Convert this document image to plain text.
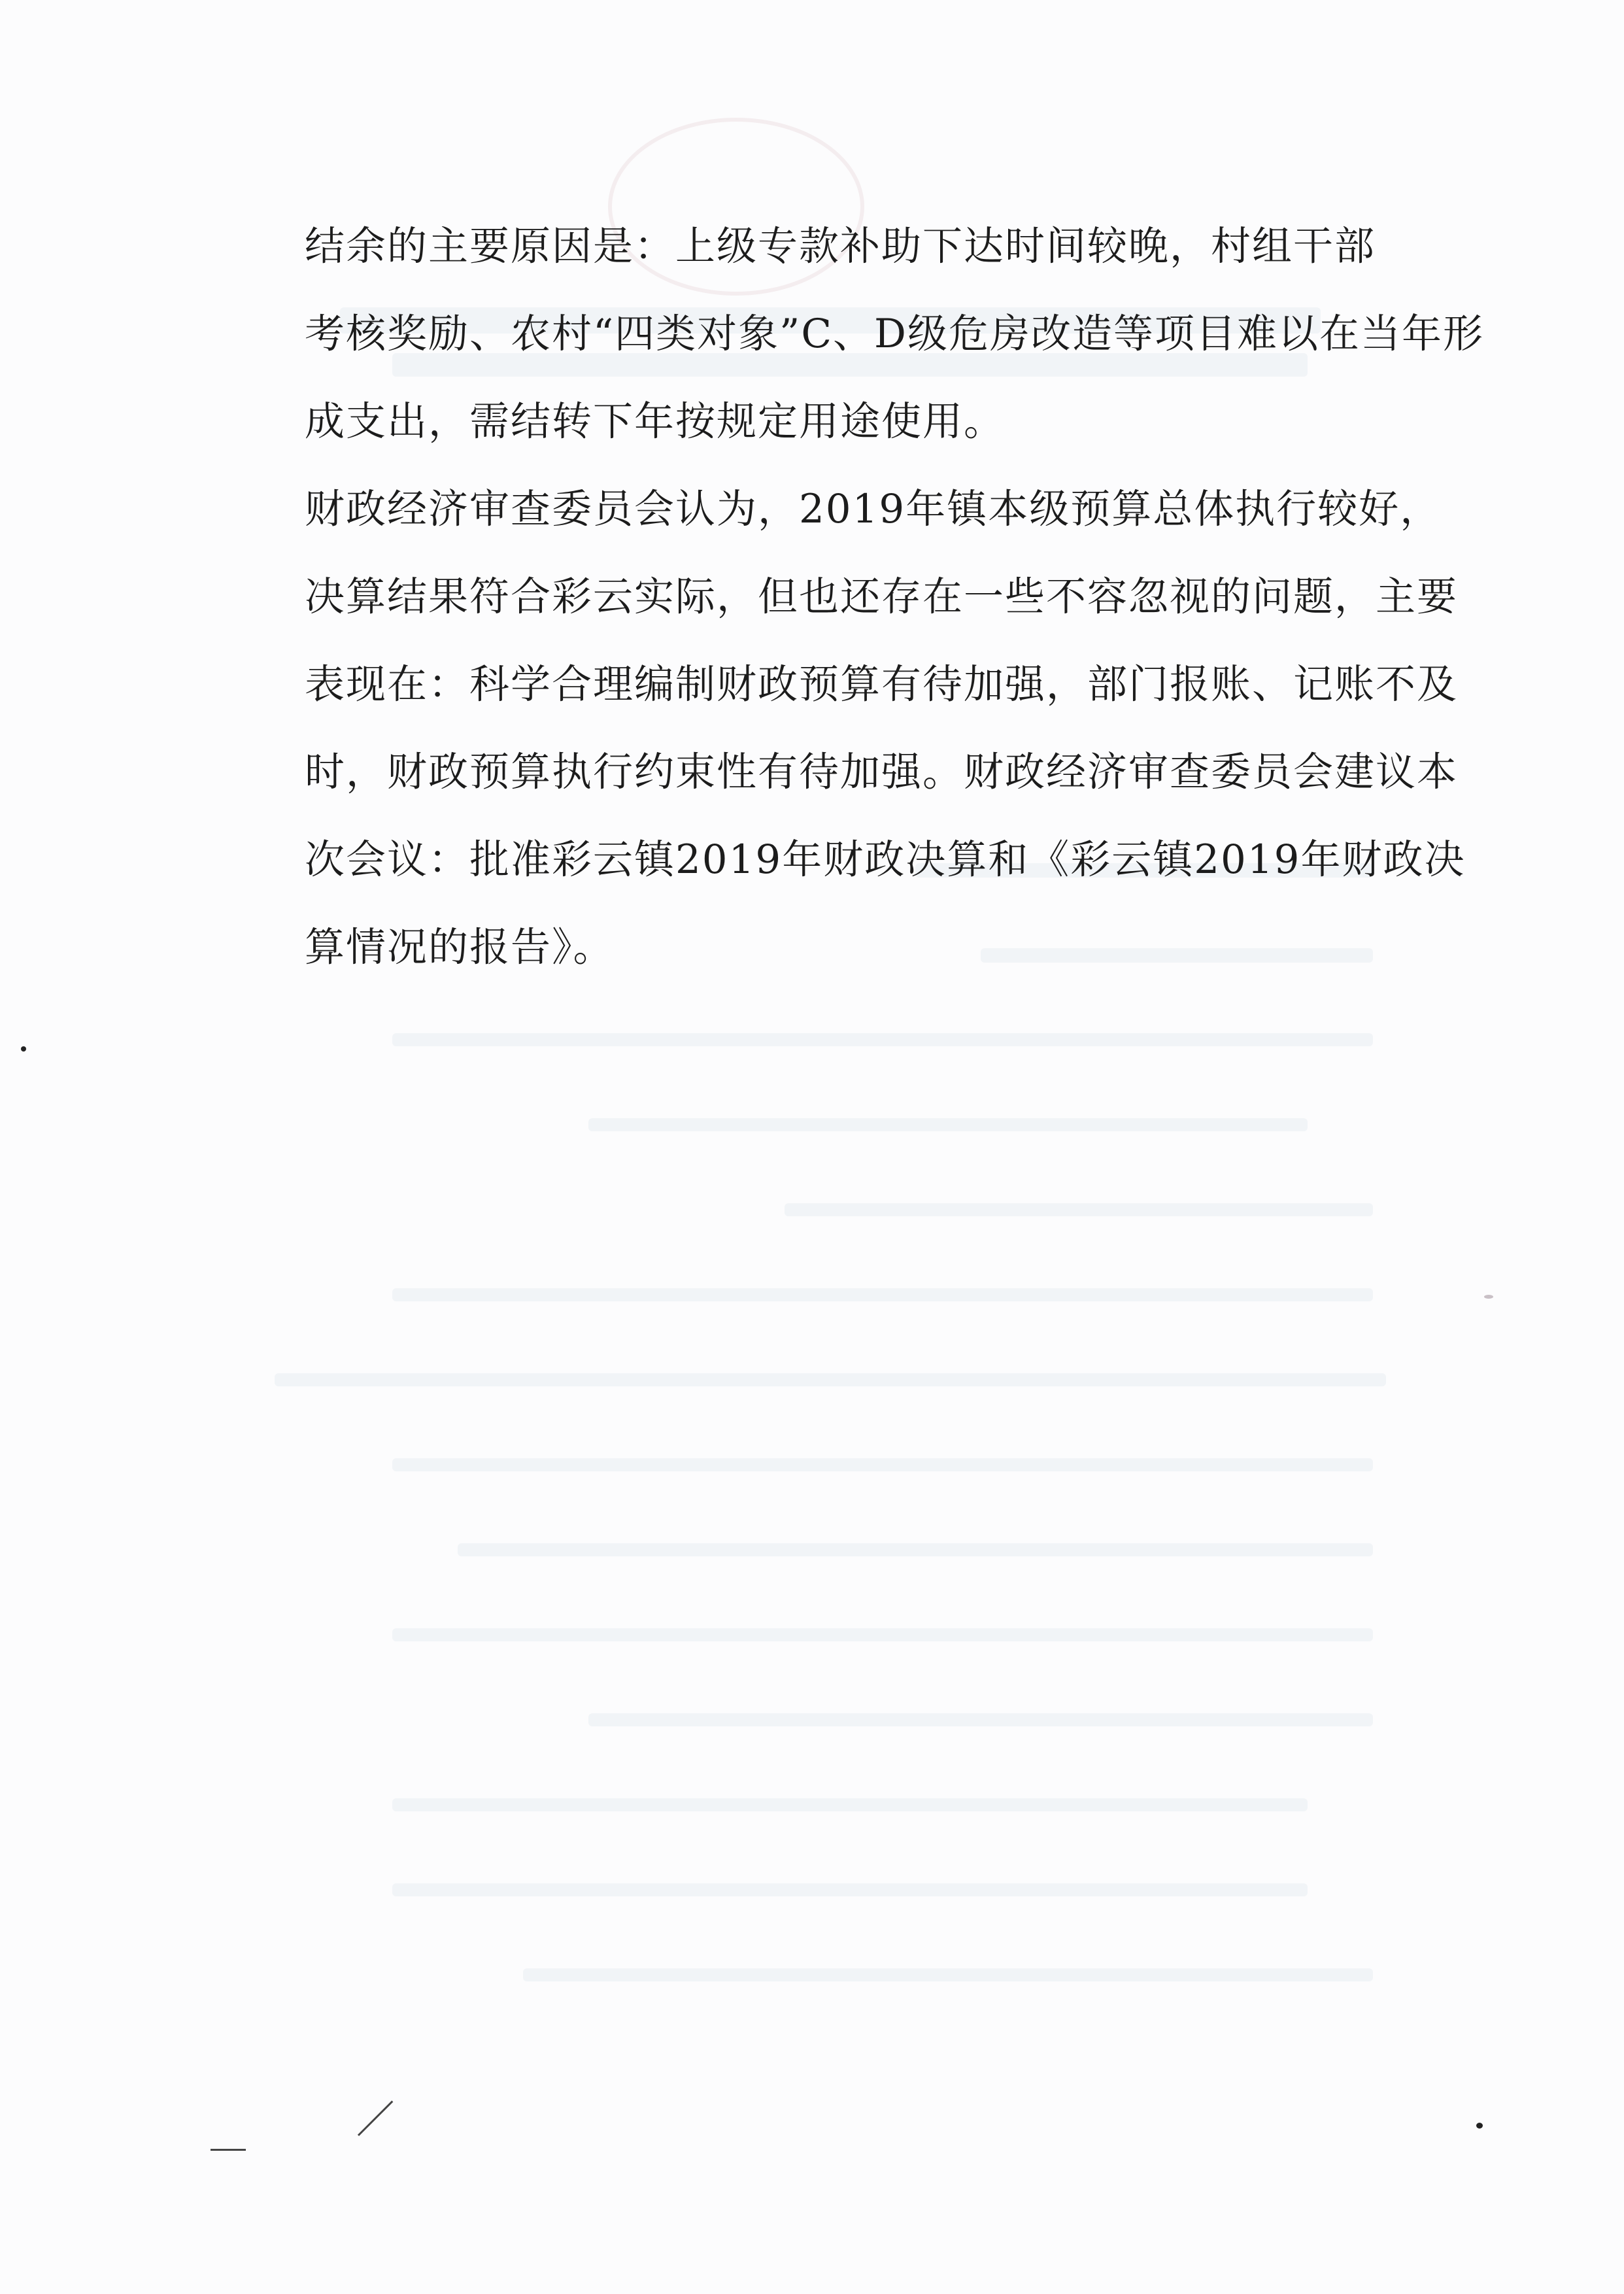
结余的主要原因是：上级专款补助下达时间较晚，村组干部
考核奖励、农村“四类对象”C、D级危房改造等项目难以在当年形
成支出，需结转下年按规定用途使用。

财政经济审查委员会认为，2019年镇本级预算总体执行较好，
决算结果符合彩云实际，但也还存在一些不容忽视的问题，主要
表现在：科学合理编制财政预算有待加强，部门报账、记账不及
时，财政预算执行约束性有待加强。财政经济审查委员会建议本
次会议：批准彩云镇2019年财政决算和《彩云镇2019年财政决
算情况的报告》。
